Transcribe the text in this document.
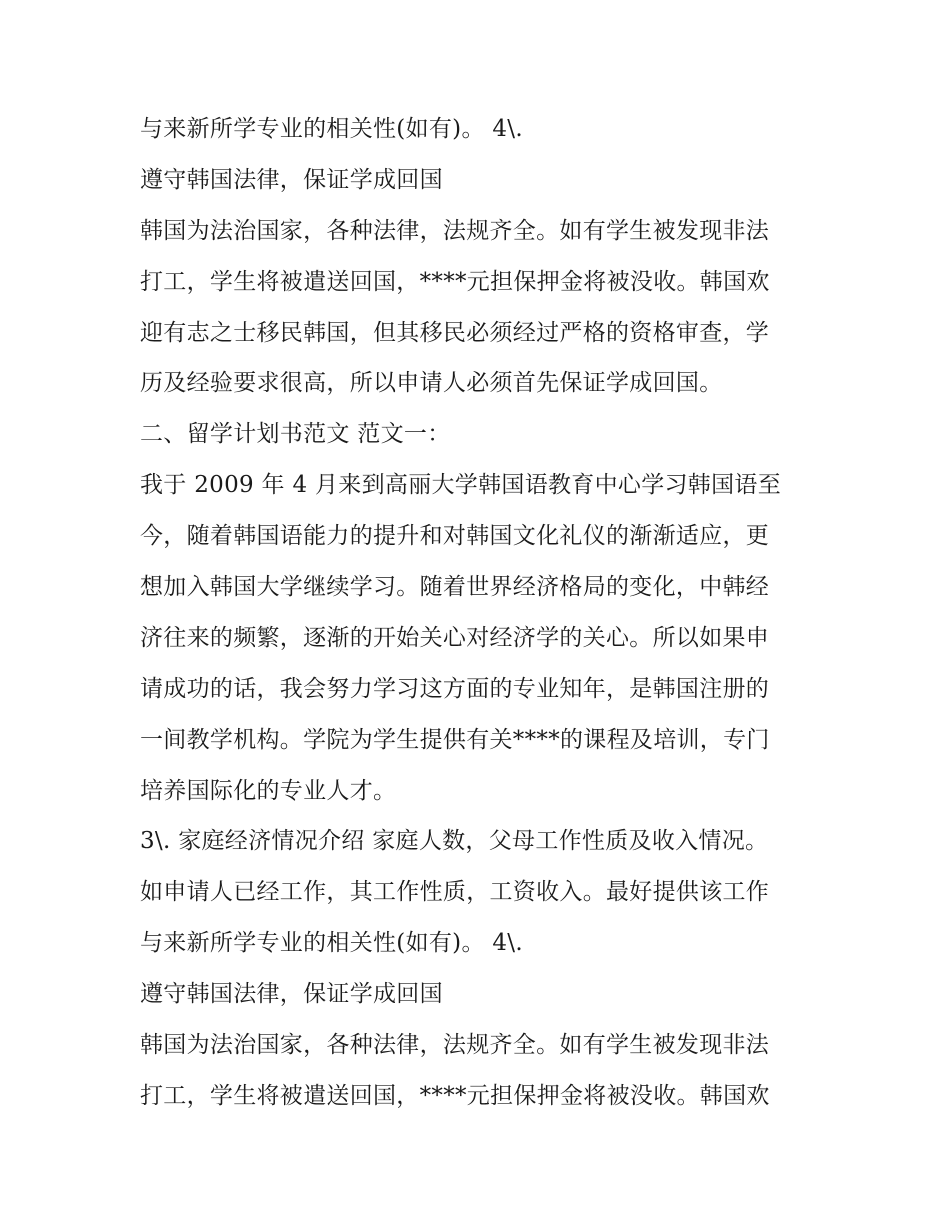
与来新所学专业的相关性(如有)。 4\.
遵守韩国法律，保证学成回国
韩国为法治国家，各种法律，法规齐全。如有学生被发现非法
打工，学生将被遣送回国，****元担保押金将被没收。韩国欢
迎有志之士移民韩国，但其移民必须经过严格的资格审查，学
历及经验要求很高，所以申请人必须首先保证学成回国。
二、留学计划书范文 范文一：
我于 2009 年 4 月来到高丽大学韩国语教育中心学习韩国语至
今，随着韩国语能力的提升和对韩国文化礼仪的渐渐适应，更
想加入韩国大学继续学习。随着世界经济格局的变化，中韩经
济往来的频繁，逐渐的开始关心对经济学的关心。所以如果申
请成功的话，我会努力学习这方面的专业知年，是韩国注册的
一间教学机构。学院为学生提供有关****的课程及培训，专门
培养国际化的专业人才。
3\. 家庭经济情况介绍 家庭人数，父母工作性质及收入情况。
如申请人已经工作，其工作性质，工资收入。最好提供该工作
与来新所学专业的相关性(如有)。 4\.
遵守韩国法律，保证学成回国
韩国为法治国家，各种法律，法规齐全。如有学生被发现非法
打工，学生将被遣送回国，****元担保押金将被没收。韩国欢
